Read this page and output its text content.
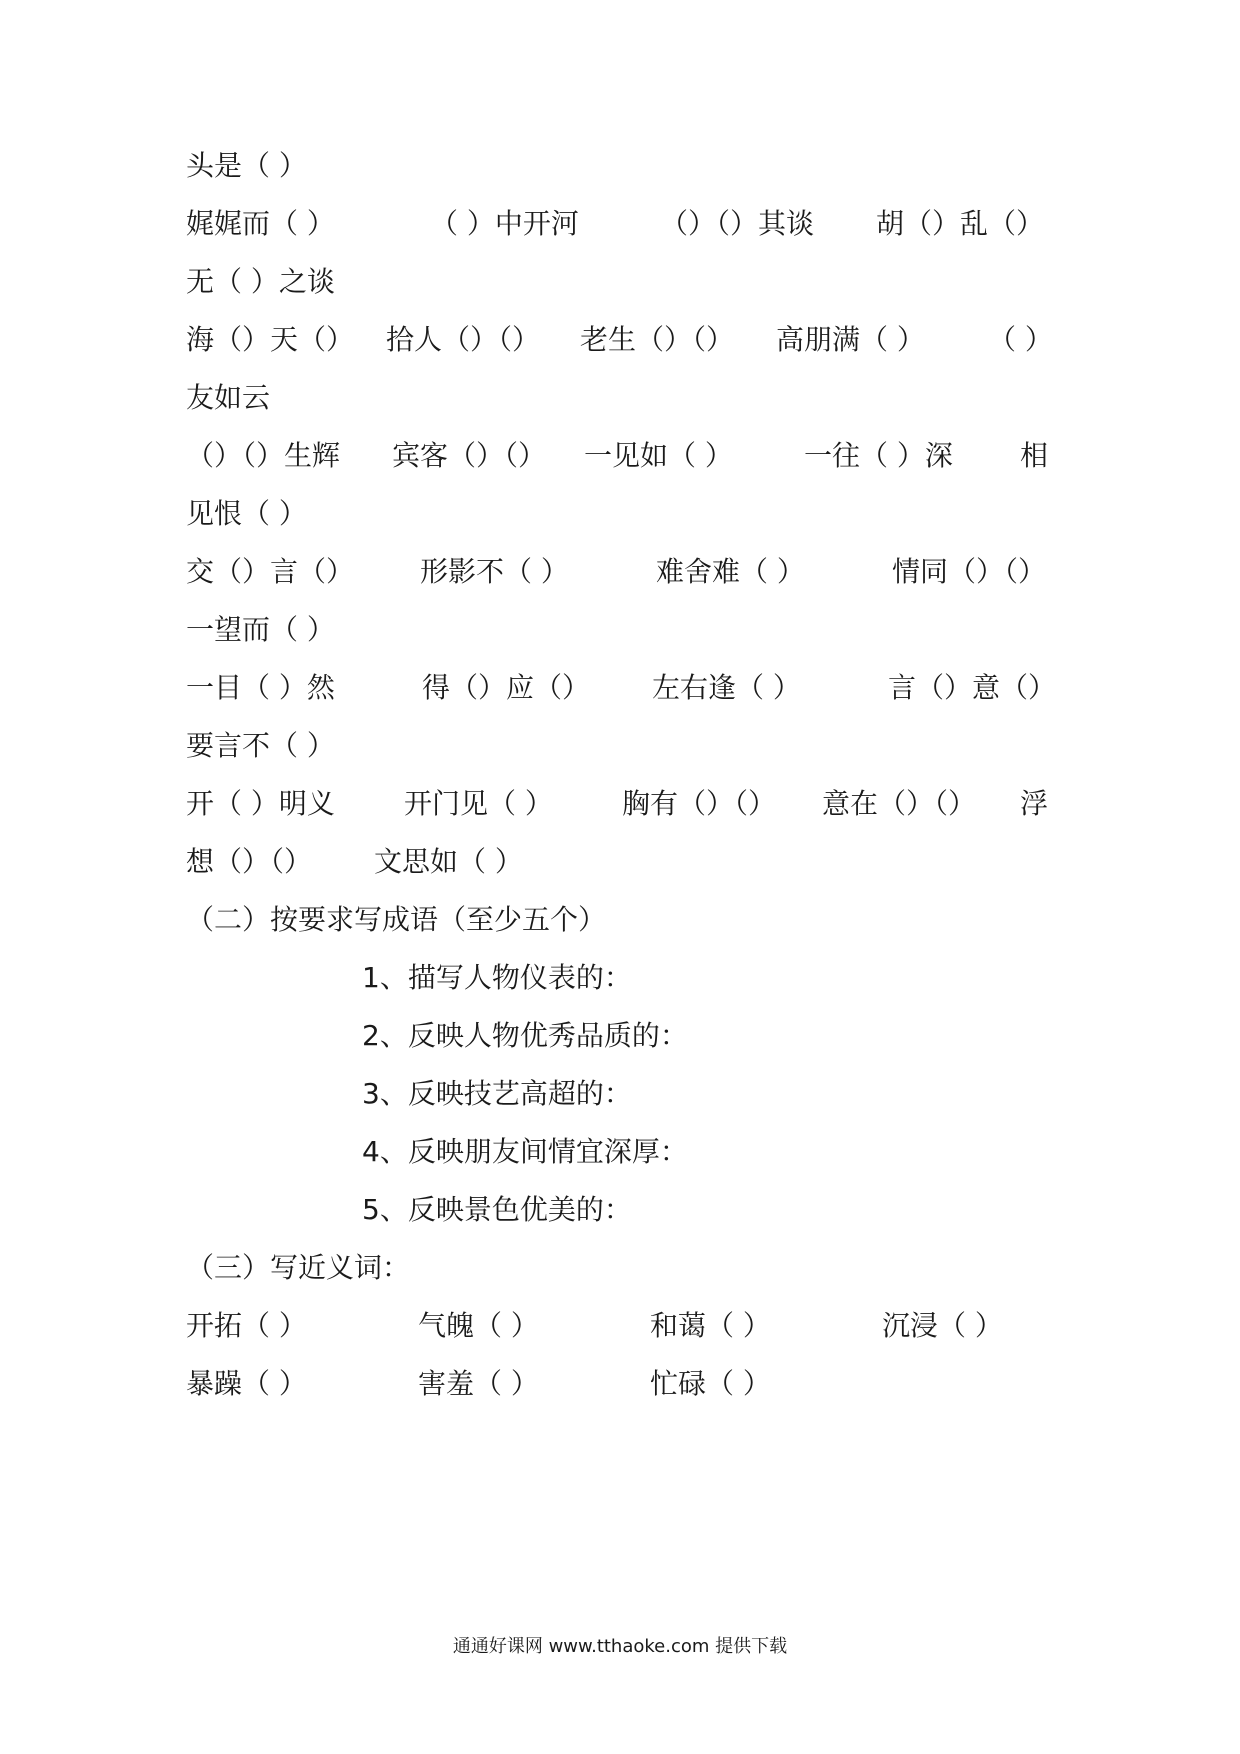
头是（ ）
娓娓而（ ）	（ ）中开河	（）（）其谈 胡（）乱（）
无（ ）之谈
海（）天（） 拾人（）（） 老生（）（） 高朋满（ ） （ ）
友如云
（）（）生辉 宾客（）（） 一见如（ ）	一往（ ）深 相
见恨（ ）
交（）言（） 形影不（ ）	难舍难（ ）	情同（）（）
一望而（ ）
一目（ ）然	得（）应（） 左右逢（ ）	言（）意（）
要言不（ ）
开（ ）明义 开门见（ ） 胸有（）（） 意在（）（） 浮
想（）（） 文思如（ ）
（二）按要求写成语（至少五个）
1、描写人物仪表的：
2、反映人物优秀品质的：
3、反映技艺高超的：
4、反映朋友间情宜深厚：
5、反映景色优美的：
（三）写近义词：
开拓（ ）	气魄（ ）	和蔼（ ）	沉浸（ ）
暴躁（ ）	害羞（ ）	忙碌（ ）
通通好课网 www.tthaoke.com 提供下载
